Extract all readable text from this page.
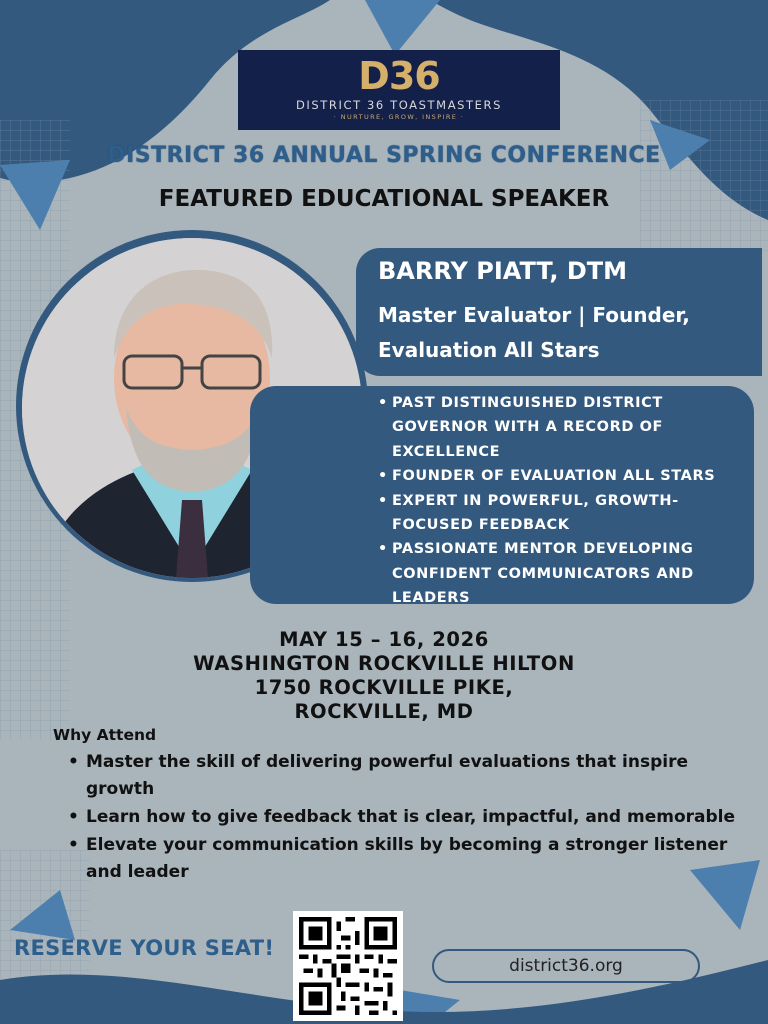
D36
DISTRICT 36 TOASTMASTERS
· NURTURE, GROW, INSPIRE ·
DISTRICT 36 ANNUAL SPRING CONFERENCE
FEATURED EDUCATIONAL SPEAKER
BARRY PIATT, DTM
Master Evaluator | Founder,
Evaluation All Stars
• PAST DISTINGUISHED DISTRICT GOVERNOR WITH A RECORD OF EXCELLENCE
• FOUNDER OF EVALUATION ALL STARS
• EXPERT IN POWERFUL, GROWTH-FOCUSED FEEDBACK
• PASSIONATE MENTOR DEVELOPING CONFIDENT COMMUNICATORS AND LEADERS
MAY 15 – 16, 2026
WASHINGTON ROCKVILLE HILTON
1750 ROCKVILLE PIKE,
ROCKVILLE, MD
Why Attend
• Master the skill of delivering powerful evaluations that inspire growth
• Learn how to give feedback that is clear, impactful, and memorable
• Elevate your communication skills by becoming a stronger listener and leader
RESERVE YOUR SEAT!
district36.org
